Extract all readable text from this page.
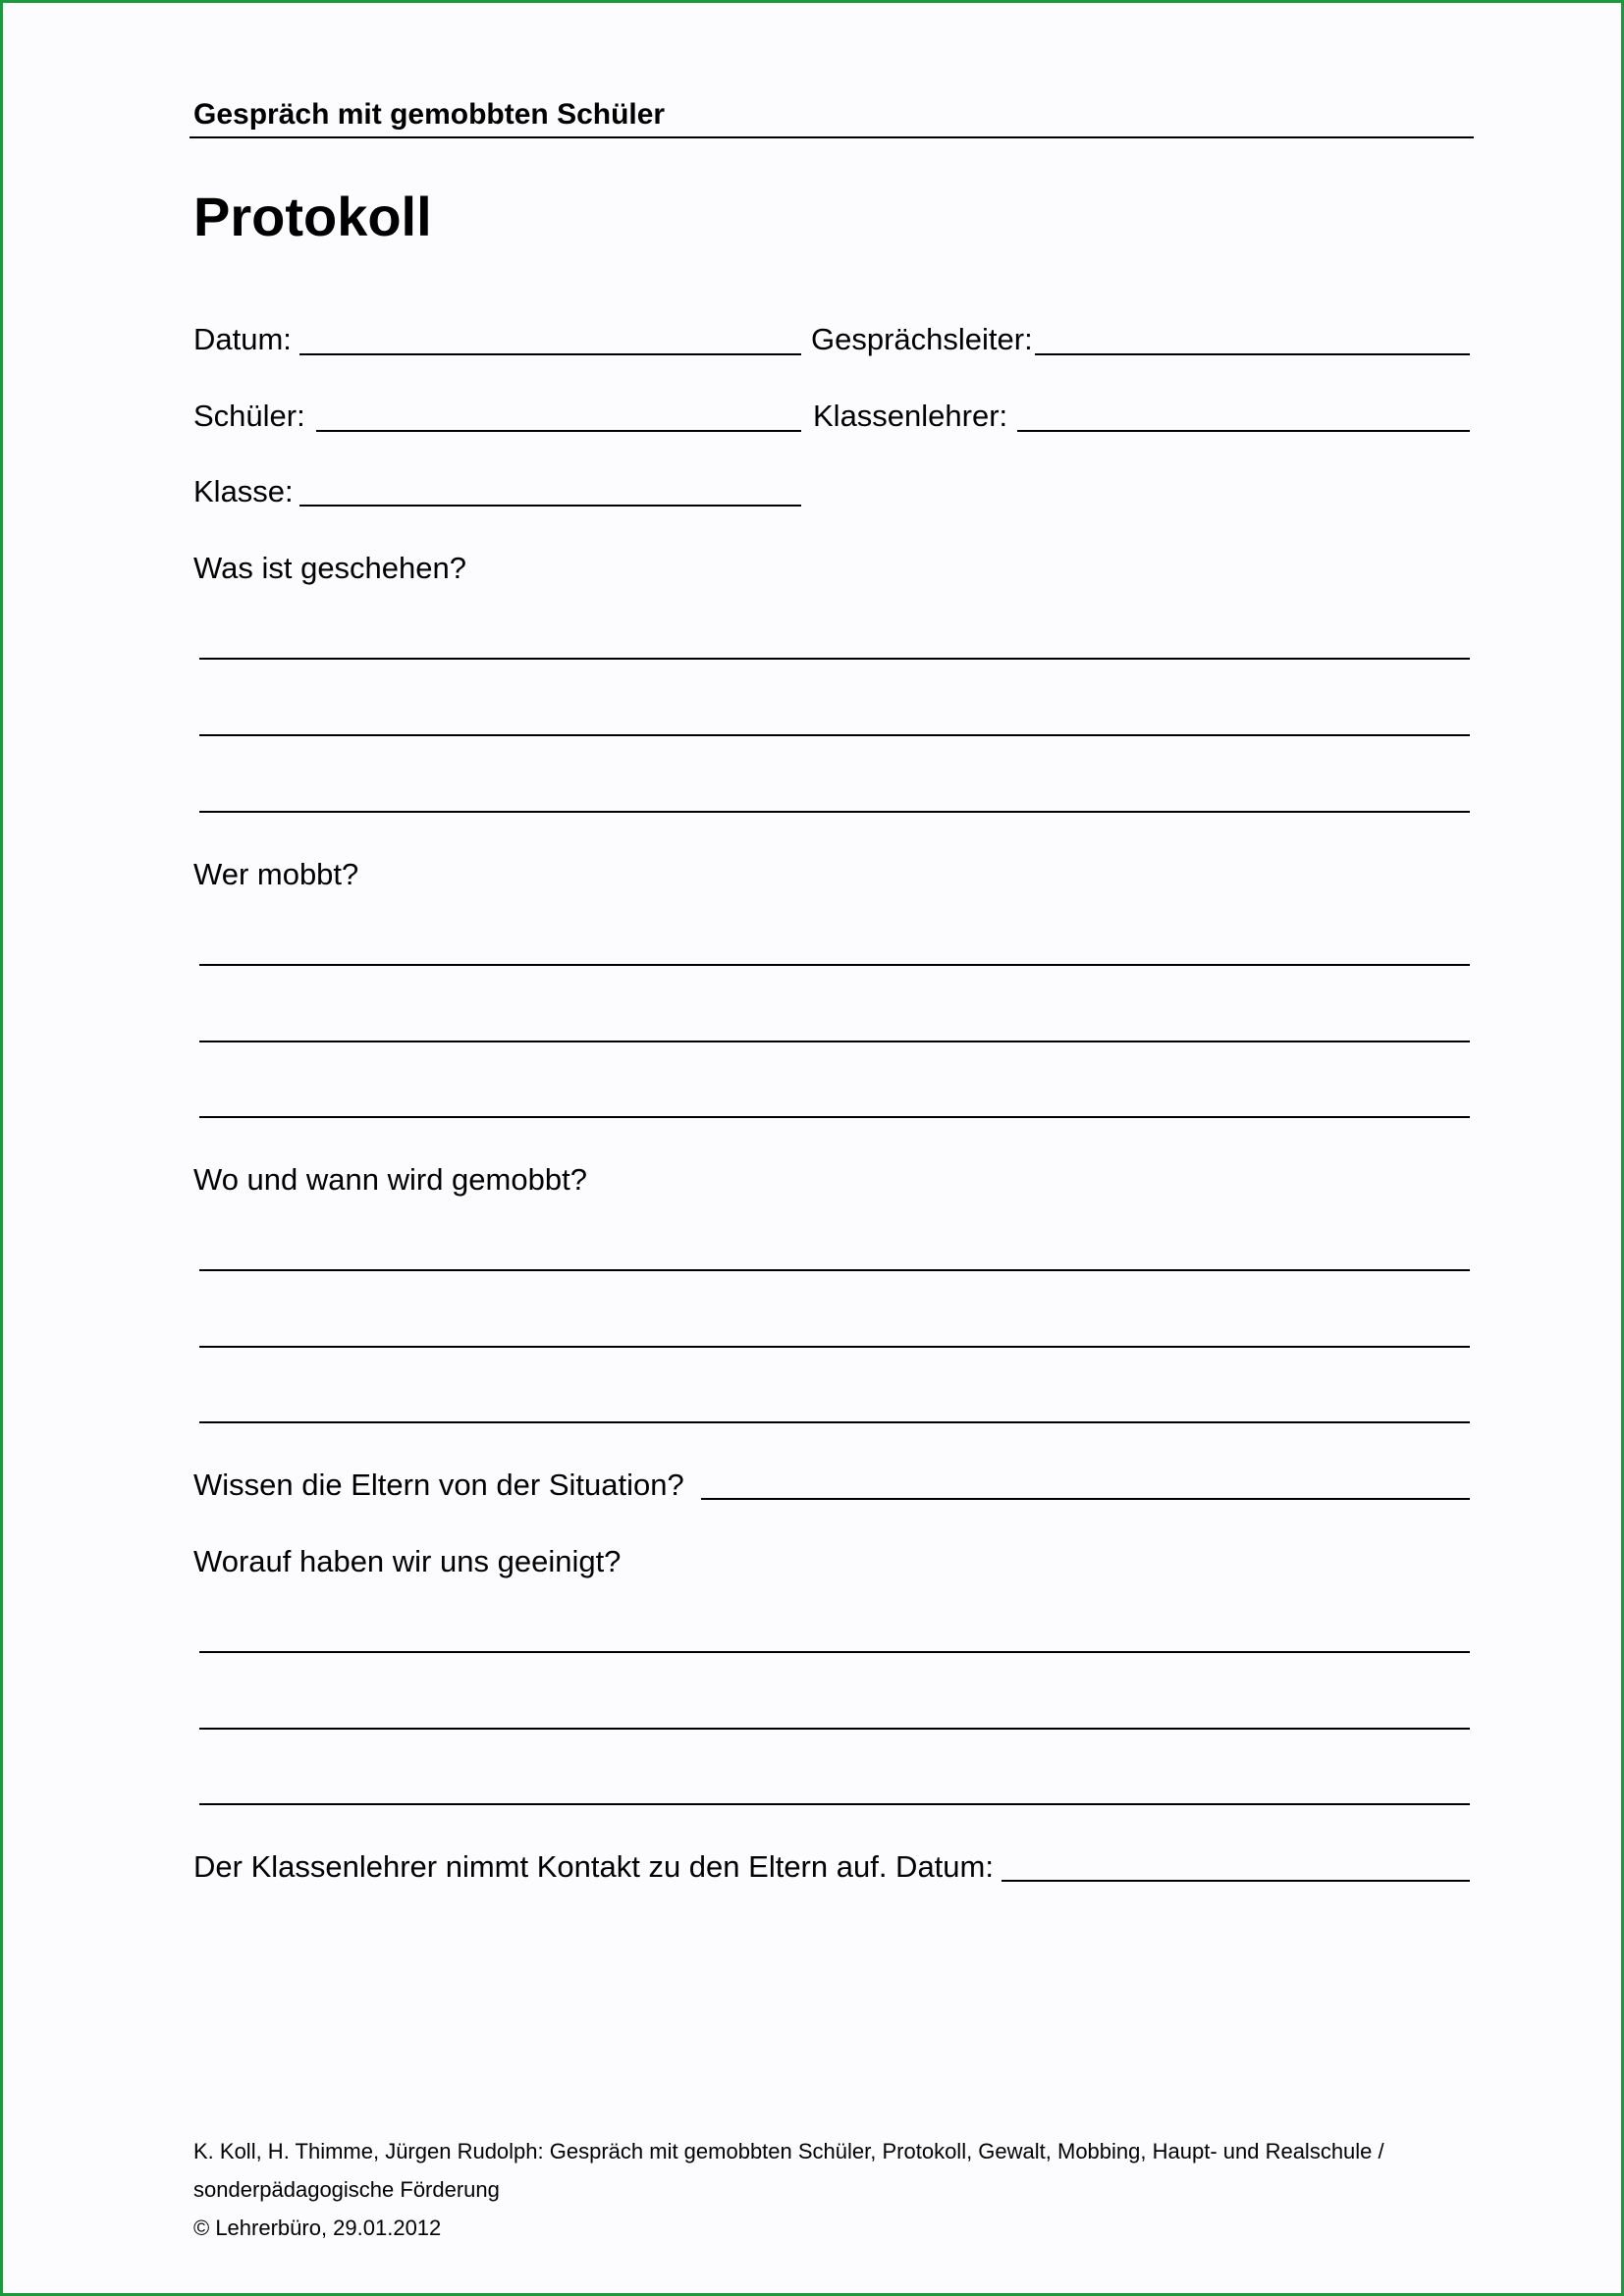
Gespräch mit gemobbten Schüler
Protokoll
Datum:	Gesprächsleiter:
Schüler:	Klassenlehrer:
Klasse:
Was ist geschehen?
Wer mobbt?
Wo und wann wird gemobbt?
Wissen die Eltern von der Situation?
Worauf haben wir uns geeinigt?
Der Klassenlehrer nimmt Kontakt zu den Eltern auf. Datum:
K. Koll, H. Thimme, Jürgen Rudolph: Gespräch mit gemobbten Schüler, Protokoll, Gewalt, Mobbing, Haupt- und Realschule /
sonderpädagogische Förderung
© Lehrerbüro, 29.01.2012
